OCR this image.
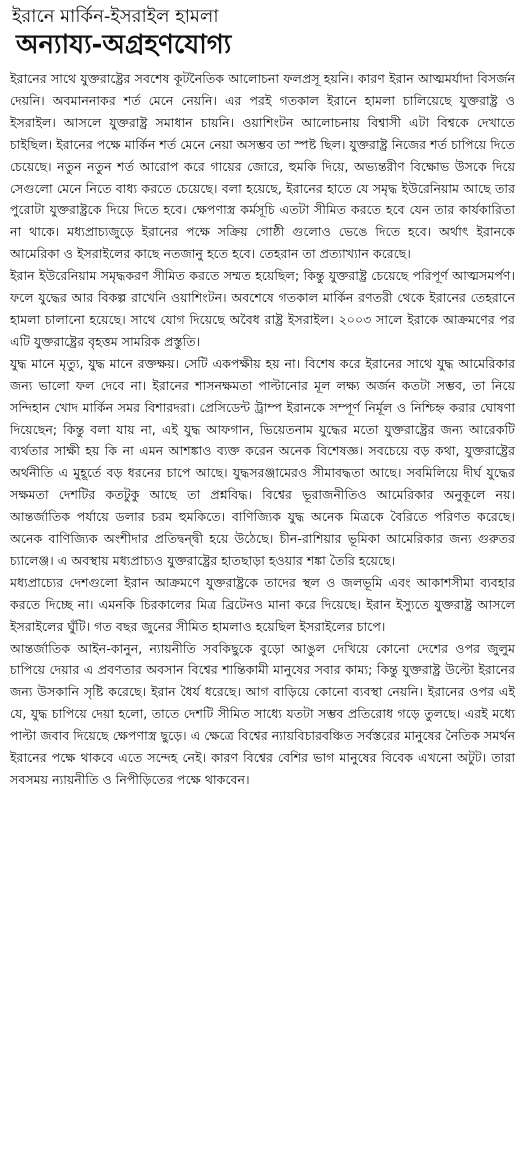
ইরানে মার্কিন-ইসরাইল হামলা
অন্যায্য-অগ্রহণযোগ্য

ইরানের সাথে যুক্তরাষ্ট্রের সবশেষ কূটনৈতিক আলোচনা ফলপ্রসূ হয়নি। কারণ ইরান আত্মমর্যাদা বিসর্জন দেয়নি। অবমাননাকর শর্ত মেনে নেয়নি। এর পরই গতকাল ইরানে হামলা চালিয়েছে যুক্তরাষ্ট্র ও ইসরাইল। আসলে যুক্তরাষ্ট্র সমাধান চায়নি। ওয়াশিংটন আলোচনায় বিশ্বাসী এটা বিশ্বকে দেখাতে চাইছিল। ইরানের পক্ষে মার্কিন শর্ত মেনে নেয়া অসম্ভব তা স্পষ্ট ছিল। যুক্তরাষ্ট্র নিজের শর্ত চাপিয়ে দিতে চেয়েছে। নতুন নতুন শর্ত আরোপ করে গায়ের জোরে, হুমকি দিয়ে, অভ্যন্তরীণ বিক্ষোভ উসকে দিয়ে সেগুলো মেনে নিতে বাধ্য করতে চেয়েছে। বলা হয়েছে, ইরানের হাতে যে সমৃদ্ধ ইউরেনিয়াম আছে তার পুরোটা যুক্তরাষ্ট্রকে দিয়ে দিতে হবে। ক্ষেপণাস্ত্র কর্মসূচি এতটা সীমিত করতে হবে যেন তার কার্যকারিতা না থাকে। মধ্যপ্রাচ্যজুড়ে ইরানের পক্ষে সক্রিয় গোষ্ঠী গুলোও ভেঙে দিতে হবে। অর্থাৎ ইরানকে আমেরিকা ও ইসরাইলের কাছে নতজানু হতে হবে। তেহরান তা প্রত্যাখ্যান করেছে।

ইরান ইউরেনিয়াম সমৃদ্ধকরণ সীমিত করতে সম্মত হয়েছিল; কিন্তু যুক্তরাষ্ট্র চেয়েছে পরিপূর্ণ আত্মসমর্পণ। ফলে যুদ্ধের আর বিকল্প রাখেনি ওয়াশিংটন। অবশেষে গতকাল মার্কিন রণতরী থেকে ইরানের তেহরানে হামলা চালানো হয়েছে। সাথে যোগ দিয়েছে অবৈধ রাষ্ট্র ইসরাইল। ২০০৩ সালে ইরাকে আক্রমণের পর এটি যুক্তরাষ্ট্রের বৃহত্তম সামরিক প্রস্তুতি।

যুদ্ধ মানে মৃত্যু, যুদ্ধ মানে রক্তক্ষয়। সেটি একপক্ষীয় হয় না। বিশেষ করে ইরানের সাথে যুদ্ধ আমেরিকার জন্য ভালো ফল দেবে না। ইরানের শাসনক্ষমতা পাল্টানোর মূল লক্ষ্য অর্জন কতটা সম্ভব, তা নিয়ে সন্দিহান খোদ মার্কিন সমর বিশারদরা। প্রেসিডেন্ট ট্রাম্প ইরানকে সম্পূর্ণ নির্মূল ও নিশ্চিহ্ন করার ঘোষণা দিয়েছেন; কিন্তু বলা যায় না, এই যুদ্ধ আফগান, ভিয়েতনাম যুদ্ধের মতো যুক্তরাষ্ট্রের জন্য আরেকটি ব্যর্থতার সাক্ষী হয় কি না এমন আশঙ্কাও ব্যক্ত করেন অনেক বিশেষজ্ঞ। সবচেয়ে বড় কথা, যুক্তরাষ্ট্রের অর্থনীতি এ মুহূর্তে বড় ধরনের চাপে আছে। যুদ্ধসরঞ্জামেরও সীমাবদ্ধতা আছে। সবমিলিয়ে দীর্ঘ যুদ্ধের সক্ষমতা দেশটির কতটুকু আছে তা প্রশ্নবিদ্ধ। বিশ্বের ভূরাজনীতিও আমেরিকার অনুকূলে নয়। আন্তর্জাতিক পর্যায়ে ডলার চরম হুমকিতে। বাণিজ্যিক যুদ্ধ অনেক মিত্রকে বৈরিতে পরিণত করেছে। অনেক বাণিজ্যিক অংশীদার প্রতিদ্বন্দ্বী হয়ে উঠেছে। চীন-রাশিয়ার ভূমিকা আমেরিকার জন্য গুরুতর চ্যালেঞ্জ। এ অবস্থায় মধ্যপ্রাচ্যও যুক্তরাষ্ট্রের হাতছাড়া হওয়ার শঙ্কা তৈরি হয়েছে।

মধ্যপ্রাচ্যের দেশগুলো ইরান আক্রমণে যুক্তরাষ্ট্রকে তাদের স্থল ও জলভূমি এবং আকাশসীমা ব্যবহার করতে দিচ্ছে না। এমনকি চিরকালের মিত্র ব্রিটেনও মানা করে দিয়েছে। ইরান ইস্যুতে যুক্তরাষ্ট্র আসলে ইসরাইলের ঘুঁটি। গত বছর জুনের সীমিত হামলাও হয়েছিল ইসরাইলের চাপে।

আন্তর্জাতিক আইন-কানুন, ন্যায়নীতি সবকিছুকে বুড়ো আঙুল দেখিয়ে কোনো দেশের ওপর জুলুম চাপিয়ে দেয়ার এ প্রবণতার অবসান বিশ্বের শান্তিকামী মানুষের সবার কাম্য; কিন্তু যুক্তরাষ্ট্র উল্টো ইরানের জন্য উসকানি সৃষ্টি করেছে। ইরান ধৈর্য ধরেছে। আগ বাড়িয়ে কোনো ব্যবস্থা নেয়নি। ইরানের ওপর এই যে, যুদ্ধ চাপিয়ে দেয়া হলো, তাতে দেশটি সীমিত সাধ্যে যতটা সম্ভব প্রতিরোধ গড়ে তুলছে। এরই মধ্যে পাল্টা জবাব দিয়েছে ক্ষেপণাস্ত্র ছুড়ে। এ ক্ষেত্রে বিশ্বের ন্যায়বিচারবঞ্চিত সর্বস্তরের মানুষের নৈতিক সমর্থন ইরানের পক্ষে থাকবে এতে সন্দেহ নেই। কারণ বিশ্বের বেশির ভাগ মানুষের বিবেক এখনো অটুট। তারা সবসময় ন্যায়নীতি ও নিপীড়িতের পক্ষে থাকবেন।
